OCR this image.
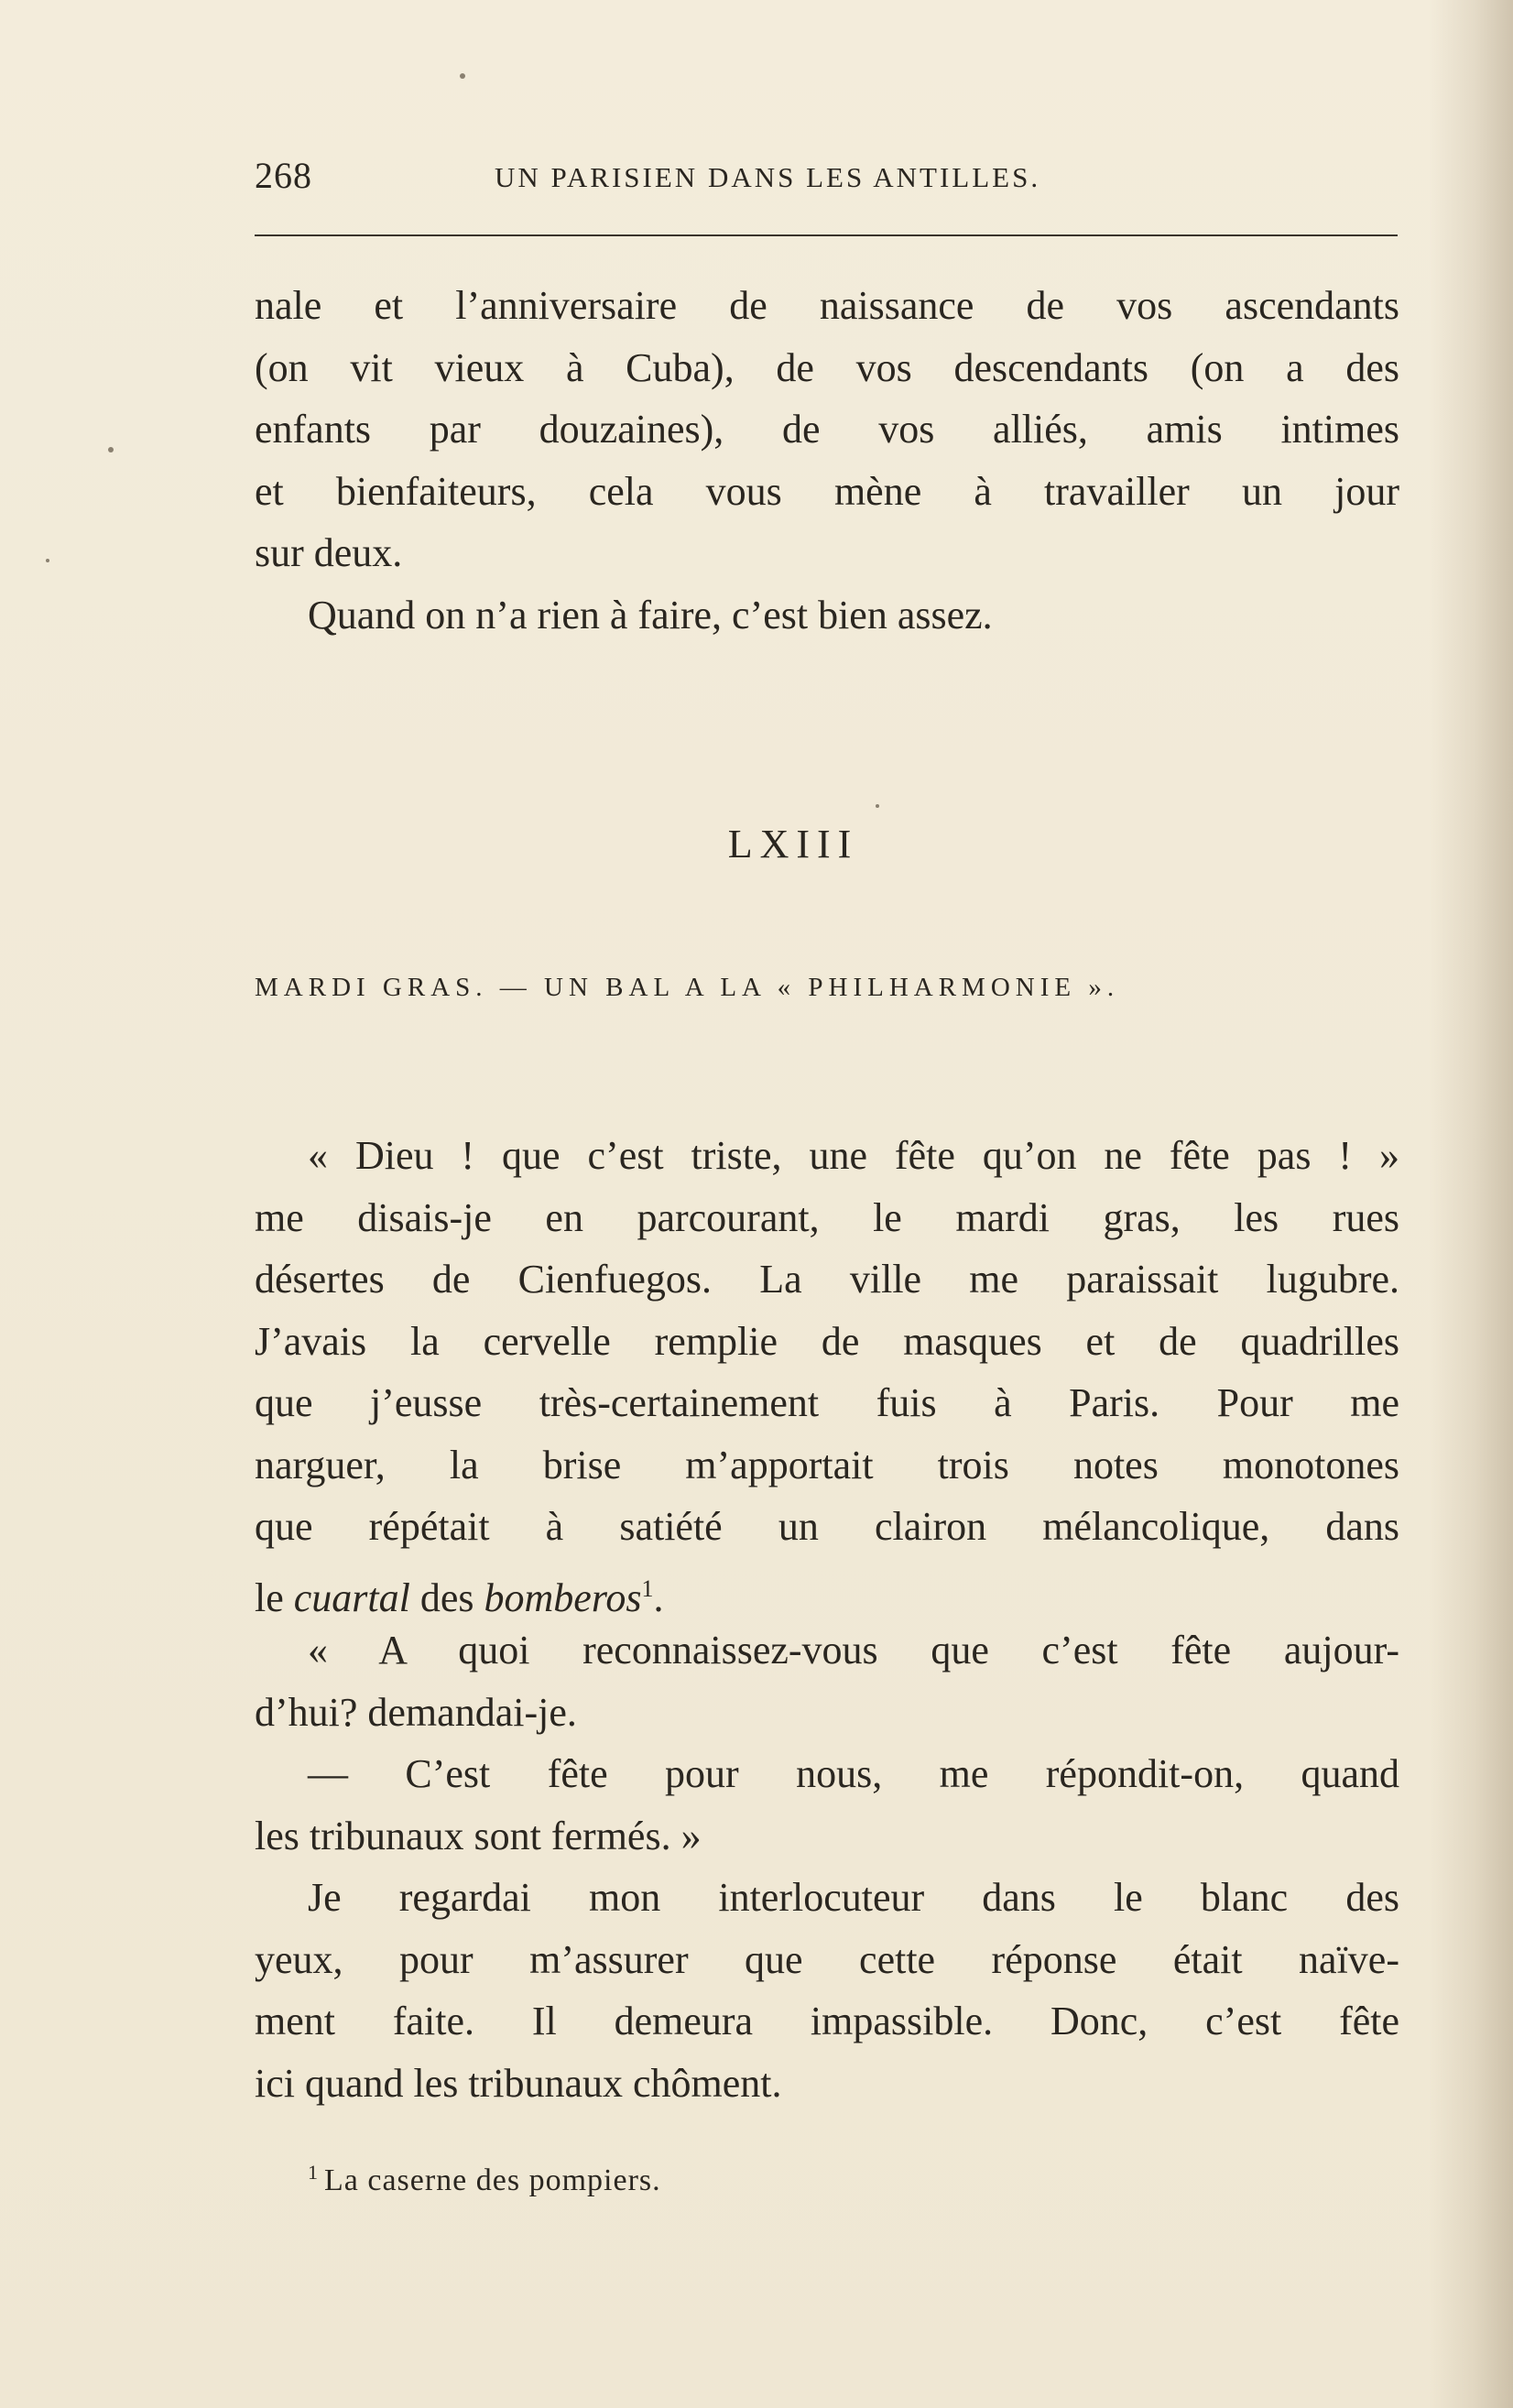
268	UN PARISIEN DANS LES ANTILLES.
nale et l’anniversaire de naissance de vos ascendants
(on vit vieux à Cuba), de vos descendants (on a des
enfants par douzaines), de vos alliés, amis intimes
et bienfaiteurs, cela vous mène à travailler un jour
sur deux.
Quand on n’a rien à faire, c’est bien assez.
LXIII
MARDI GRAS. — UN BAL A LA « PHILHARMONIE ».
« Dieu ! que c’est triste, une fête qu’on ne fête pas ! »
me disais-je en parcourant, le mardi gras, les rues
désertes de Cienfuegos. La ville me paraissait lugubre.
J’avais la cervelle remplie de masques et de quadrilles
que j’eusse très-certainement fuis à Paris. Pour me
narguer, la brise m’apportait trois notes monotones
que répétait à satiété un clairon mélancolique, dans
le cuartal des bomberos$^1$.
« A quoi reconnaissez-vous que c’est fête aujour-
d’hui? demandai-je.
— C’est fête pour nous, me répondit-on, quand
les tribunaux sont fermés. »
Je regardai mon interlocuteur dans le blanc des
yeux, pour m’assurer que cette réponse était naïve-
ment faite. Il demeura impassible. Donc, c’est fête
ici quand les tribunaux chôment.
$^1$ La caserne des pompiers.
